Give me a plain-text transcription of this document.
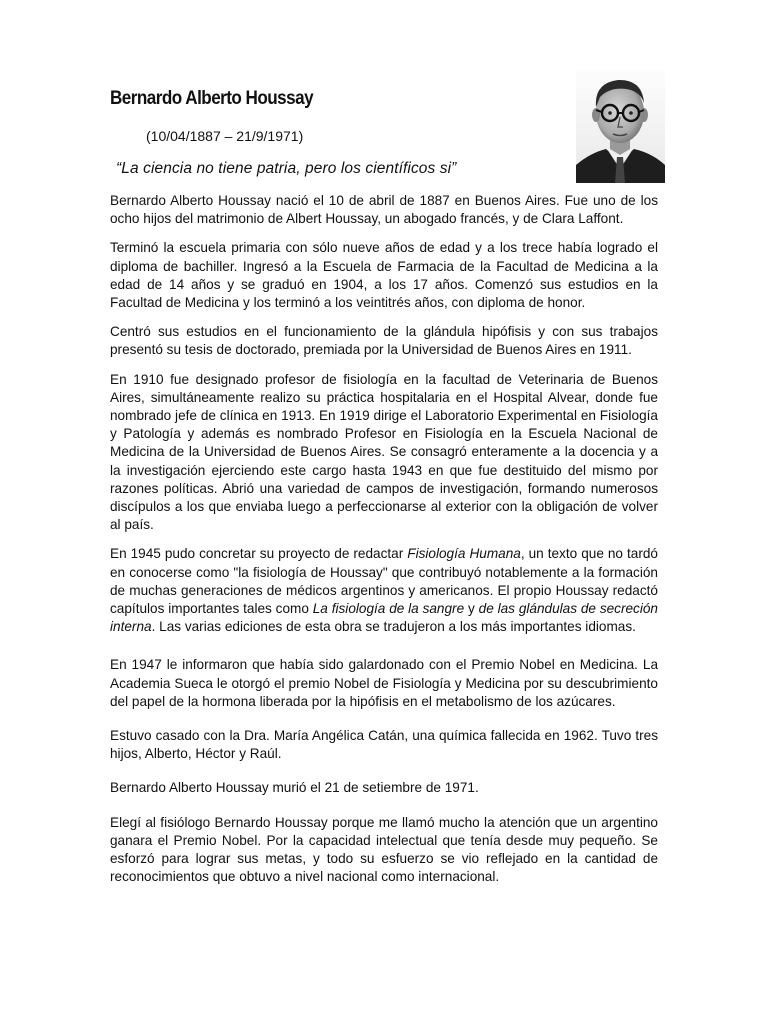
Bernardo Alberto Houssay
(10/04/1887 – 21/9/1971)
“La ciencia no tiene patria, pero los científicos si”

Bernardo Alberto Houssay nació el 10 de abril de 1887 en Buenos Aires. Fue uno de los ocho hijos del matrimonio de Albert Houssay, un abogado francés, y de Clara Laffont.

Terminó la escuela primaria con sólo nueve años de edad y a los trece había logrado el diploma de bachiller. Ingresó a la Escuela de Farmacia de la Facultad de Medicina a la edad de 14 años y se graduó en 1904, a los 17 años. Comenzó sus estudios en la Facultad de Medicina y los terminó a los veintitrés años, con diploma de honor.

Centró sus estudios en el funcionamiento de la glándula hipófisis y con sus trabajos presentó su tesis de doctorado, premiada por la Universidad de Buenos Aires en 1911.

En 1910 fue designado profesor de fisiología en la facultad de Veterinaria de Buenos Aires, simultáneamente realizo su práctica hospitalaria en el Hospital Alvear, donde fue nombrado jefe de clínica en 1913. En 1919 dirige el Laboratorio Experimental en Fisiología y Patología y además es nombrado Profesor en Fisiología en la Escuela Nacional de Medicina de la Universidad de Buenos Aires. Se consagró enteramente a la docencia y a la investigación ejerciendo este cargo hasta 1943 en que fue destituido del mismo por razones políticas. Abrió una variedad de campos de investigación, formando numerosos discípulos a los que enviaba luego a perfeccionarse al exterior con la obligación de volver al país.

En 1945 pudo concretar su proyecto de redactar Fisiología Humana, un texto que no tardó en conocerse como "la fisiología de Houssay" que contribuyó notablemente a la formación de muchas generaciones de médicos argentinos y americanos. El propio Houssay redactó capítulos importantes tales como La fisiología de la sangre y de las glándulas de secreción interna. Las varias ediciones de esta obra se tradujeron a los más importantes idiomas.

En 1947 le informaron que había sido galardonado con el Premio Nobel en Medicina. La Academia Sueca le otorgó el premio Nobel de Fisiología y Medicina por su descubrimiento del papel de la hormona liberada por la hipófisis en el metabolismo de los azúcares.

Estuvo casado con la Dra. María Angélica Catán, una química fallecida en 1962. Tuvo tres hijos, Alberto, Héctor y Raúl.

Bernardo Alberto Houssay murió el 21 de setiembre de 1971.

Elegí al fisiólogo Bernardo Houssay porque me llamó mucho la atención que un argentino ganara el Premio Nobel. Por la capacidad intelectual que tenía desde muy pequeño. Se esforzó para lograr sus metas, y todo su esfuerzo se vio reflejado en la cantidad de reconocimientos que obtuvo a nivel nacional como internacional.
